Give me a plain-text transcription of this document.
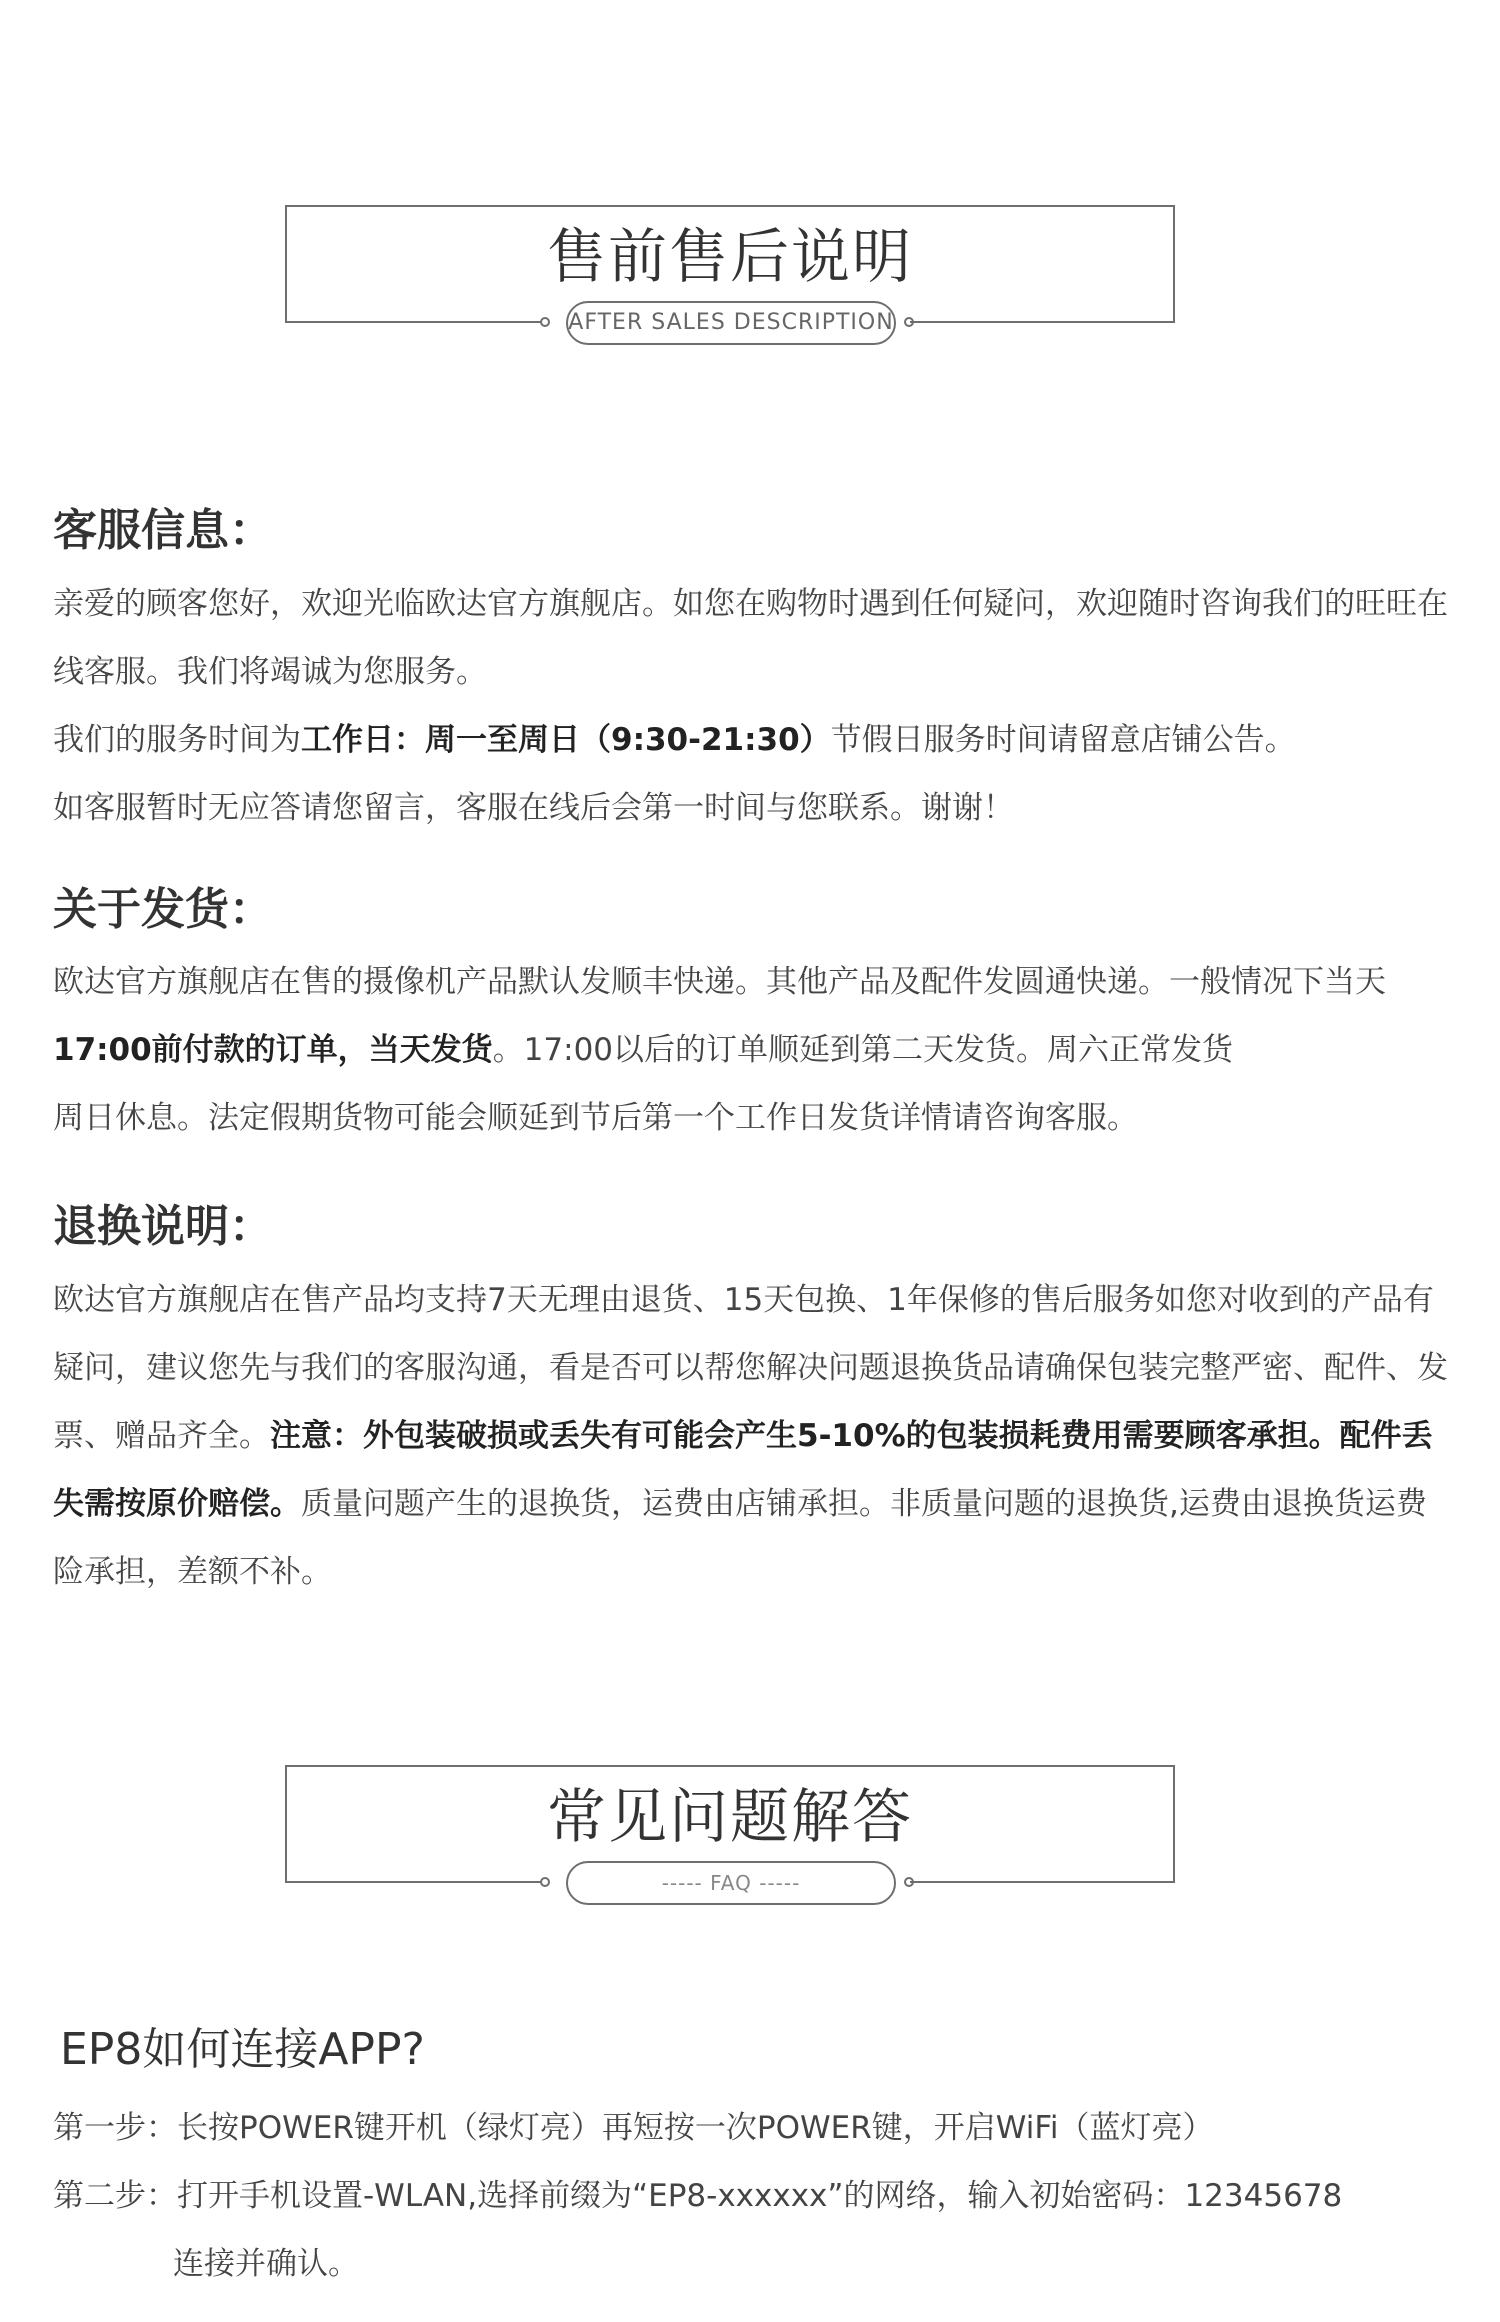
售前售后说明
AFTER SALES DESCRIPTION
客服信息：

亲爱的顾客您好，欢迎光临欧达官方旗舰店。如您在购物时遇到任何疑问，欢迎随时咨询我们的旺旺在线客服。我们将竭诚为您服务。

我们的服务时间为工作日：周一至周日（9:30-21:30）节假日服务时间请留意店铺公告。

如客服暂时无应答请您留言，客服在线后会第一时间与您联系。谢谢！

关于发货：

欧达官方旗舰店在售的摄像机产品默认发顺丰快递。其他产品及配件发圆通快递。一般情况下当天17:00前付款的订单，当天发货。17:00以后的订单顺延到第二天发货。周六正常发货

周日休息。法定假期货物可能会顺延到节后第一个工作日发货详情请咨询客服。

退换说明：

欧达官方旗舰店在售产品均支持7天无理由退货、15天包换、1年保修的售后服务如您对收到的产品有疑问，建议您先与我们的客服沟通，看是否可以帮您解决问题退换货品请确保包装完整严密、配件、发票、赠品齐全。注意：外包装破损或丢失有可能会产生5-10%的包装损耗费用需要顾客承担。配件丢失需按原价赔偿。质量问题产生的退换货，运费由店铺承担。非质量问题的退换货,运费由退换货运费险承担，差额不补。

常见问题解答
----- FAQ -----
EP8如何连接APP?

第一步：长按POWER键开机（绿灯亮）再短按一次POWER键，开启WiFi（蓝灯亮）

第二步：打开手机设置-WLAN,选择前缀为“EP8-xxxxxx”的网络，输入初始密码：12345678
连接并确认。
